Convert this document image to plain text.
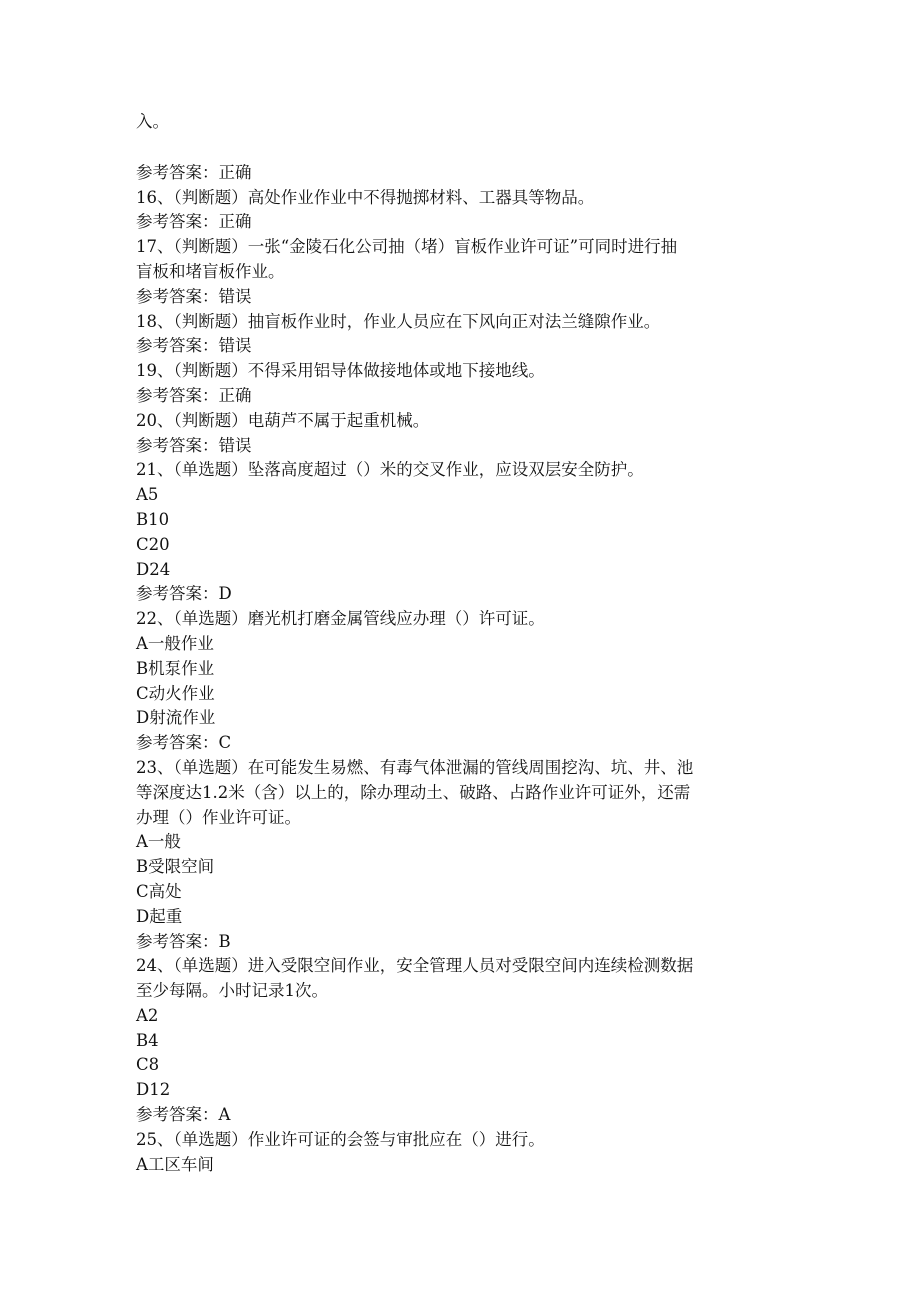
入。
参考答案：正确
16、（判断题）高处作业作业中不得抛掷材料、工器具等物品。
参考答案：正确
17、（判断题）一张“金陵石化公司抽（堵）盲板作业许可证”可同时进行抽
盲板和堵盲板作业。
参考答案：错误
18、（判断题）抽盲板作业时，作业人员应在下风向正对法兰缝隙作业。
参考答案：错误
19、（判断题）不得采用铝导体做接地体或地下接地线。
参考答案：正确
20、（判断题）电葫芦不属于起重机械。
参考答案：错误
21、（单选题）坠落高度超过（）米的交叉作业，应设双层安全防护。
A5
B10
C20
D24
参考答案：D
22、（单选题）磨光机打磨金属管线应办理（）许可证。
A一般作业
B机泵作业
C动火作业
D射流作业
参考答案：C
23、（单选题）在可能发生易燃、有毒气体泄漏的管线周围挖沟、坑、井、池
等深度达1.2米（含）以上的，除办理动土、破路、占路作业许可证外，还需
办理（）作业许可证。
A一般
B受限空间
C高处
D起重
参考答案：B
24、（单选题）进入受限空间作业，安全管理人员对受限空间内连续检测数据
至少每隔。小时记录1次。
A2
B4
C8
D12
参考答案：A
25、（单选题）作业许可证的会签与审批应在（）进行。
A工区车间
